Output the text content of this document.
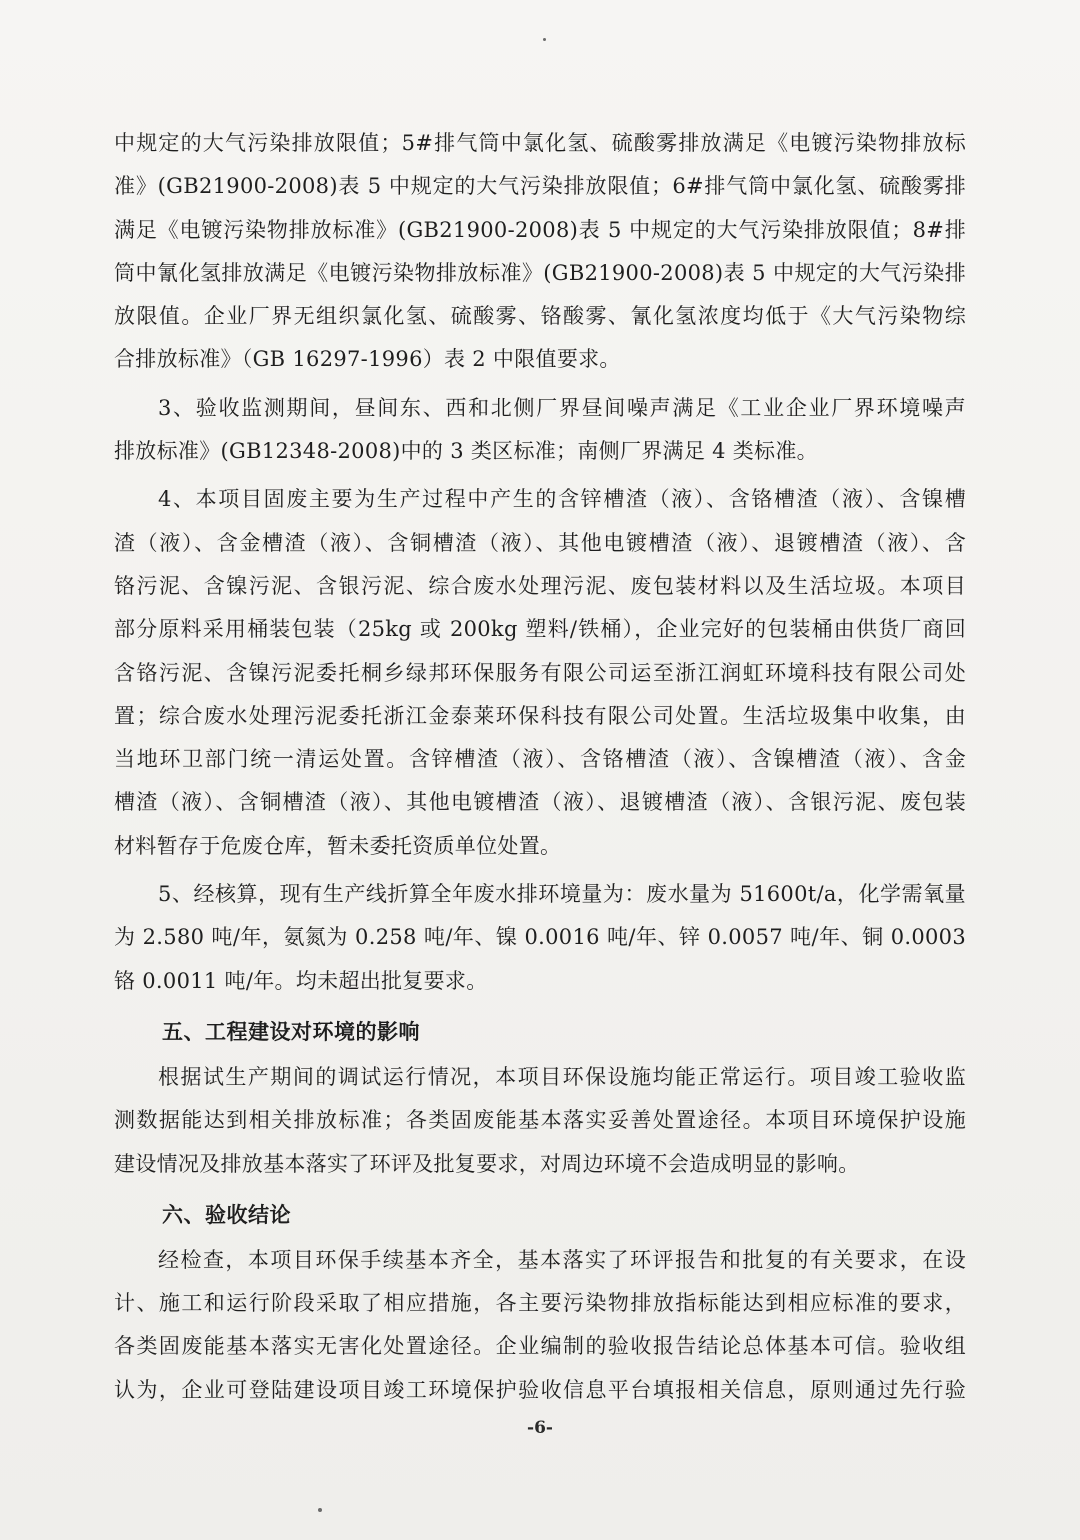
中规定的大气污染排放限值；5#排气筒中氯化氢、硫酸雾排放满足《电镀污染物排放标
准》(GB21900-2008)表 5 中规定的大气污染排放限值；6#排气筒中氯化氢、硫酸雾排
满足《电镀污染物排放标准》(GB21900-2008)表 5 中规定的大气污染排放限值；8#排
筒中氰化氢排放满足《电镀污染物排放标准》(GB21900-2008)表 5 中规定的大气污染排
放限值。企业厂界无组织氯化氢、硫酸雾、铬酸雾、氰化氢浓度均低于《大气污染物综
合排放标准》（GB 16297-1996）表 2 中限值要求。
3、验收监测期间，昼间东、西和北侧厂界昼间噪声满足《工业企业厂界环境噪声
排放标准》(GB12348-2008)中的 3 类区标准；南侧厂界满足 4 类标准。
4、本项目固废主要为生产过程中产生的含锌槽渣（液）、含铬槽渣（液）、含镍槽
渣（液）、含金槽渣（液）、含铜槽渣（液）、其他电镀槽渣（液）、退镀槽渣（液）、含
铬污泥、含镍污泥、含银污泥、综合废水处理污泥、废包装材料以及生活垃圾。本项目
部分原料采用桶装包装（25kg 或 200kg 塑料/铁桶），企业完好的包装桶由供货厂商回
含铬污泥、含镍污泥委托桐乡绿邦环保服务有限公司运至浙江润虹环境科技有限公司处
置；综合废水处理污泥委托浙江金泰莱环保科技有限公司处置。生活垃圾集中收集，由
当地环卫部门统一清运处置。含锌槽渣（液）、含铬槽渣（液）、含镍槽渣（液）、含金
槽渣（液）、含铜槽渣（液）、其他电镀槽渣（液）、退镀槽渣（液）、含银污泥、废包装
材料暂存于危废仓库，暂未委托资质单位处置。
5、经核算，现有生产线折算全年废水排环境量为：废水量为 51600t/a，化学需氧量
为 2.580 吨/年，氨氮为 0.258 吨/年、镍 0.0016 吨/年、锌 0.0057 吨/年、铜 0.0003
铬 0.0011 吨/年。均未超出批复要求。
五、工程建设对环境的影响
根据试生产期间的调试运行情况，本项目环保设施均能正常运行。项目竣工验收监
测数据能达到相关排放标准；各类固废能基本落实妥善处置途径。本项目环境保护设施
建设情况及排放基本落实了环评及批复要求，对周边环境不会造成明显的影响。
六、验收结论
经检查，本项目环保手续基本齐全，基本落实了环评报告和批复的有关要求，在设
计、施工和运行阶段采取了相应措施，各主要污染物排放指标能达到相应标准的要求，
各类固废能基本落实无害化处置途径。企业编制的验收报告结论总体基本可信。验收组
认为，企业可登陆建设项目竣工环境保护验收信息平台填报相关信息，原则通过先行验
-6-
